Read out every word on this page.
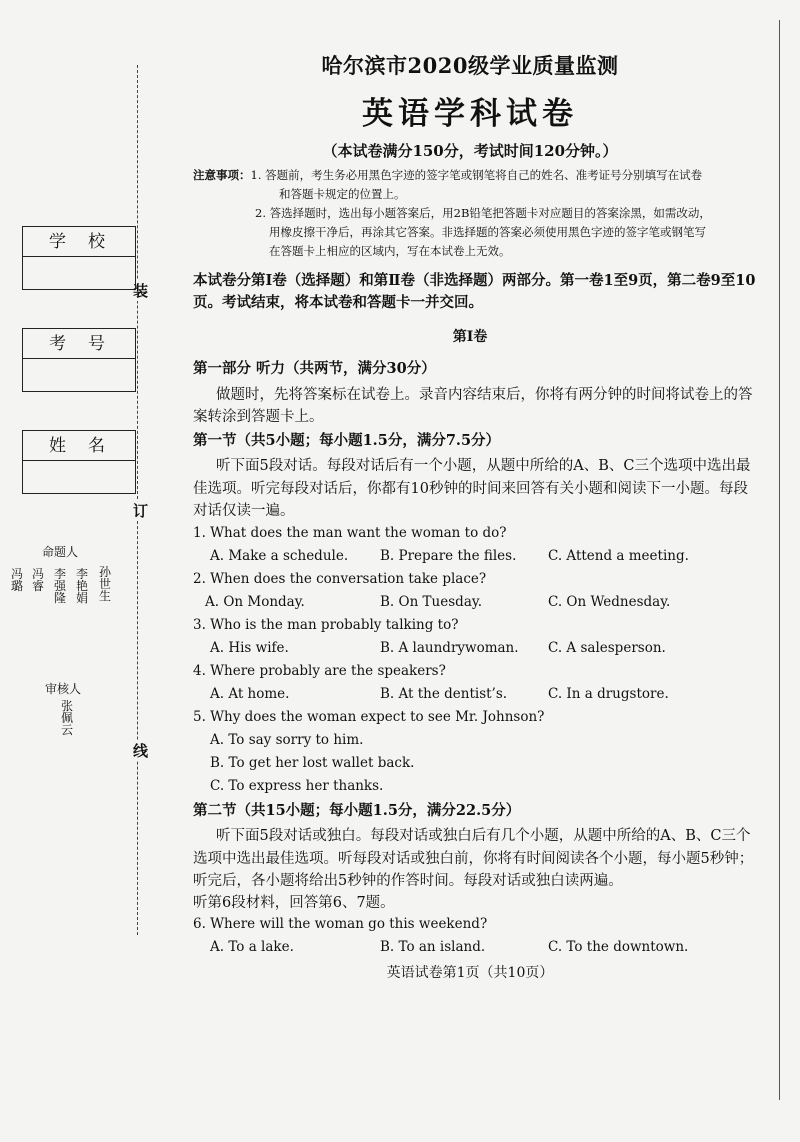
哈尔滨市2020级学业质量监测
英语学科试卷
（本试卷满分150分，考试时间120分钟。）
注意事项：1. 答题前，考生务必用黑色字迹的签字笔或钢笔将自己的姓名、准考证号分别填写在试卷
和答题卡规定的位置上。
2. 答选择题时，选出每小题答案后，用2B铅笔把答题卡对应题目的答案涂黑，如需改动，
用橡皮擦干净后，再涂其它答案。非选择题的答案必须使用黑色字迹的签字笔或钢笔写
在答题卡上相应的区域内，写在本试卷上无效。
本试卷分第Ⅰ卷（选择题）和第Ⅱ卷（非选择题）两部分。第一卷1至9页，第二卷9至10
页。考试结束，将本试卷和答题卡一并交回。
第Ⅰ卷
第一部分 听力（共两节，满分30分）
做题时，先将答案标在试卷上。录音内容结束后，你将有两分钟的时间将试卷上的答
案转涂到答题卡上。
第一节（共5小题；每小题1.5分，满分7.5分）
听下面5段对话。每段对话后有一个小题，从题中所给的A、B、C三个选项中选出最
佳选项。听完每段对话后，你都有10秒钟的时间来回答有关小题和阅读下一小题。每段
对话仅读一遍。
1. What does the man want the woman to do?
A. Make a schedule. B. Prepare the files. C. Attend a meeting.
2. When does the conversation take place?
A. On Monday.	B. On Tuesday.	C. On Wednesday.
3. Who is the man probably talking to?
A. His wife.	B. A laundrywoman. C. A salesperson.
4. Where probably are the speakers?
A. At home.	B. At the dentist’s.	C. In a drugstore.
5. Why does the woman expect to see Mr. Johnson?
A. To say sorry to him.
B. To get her lost wallet back.
C. To express her thanks.
第二节（共15小题；每小题1.5分，满分22.5分）
听下面5段对话或独白。每段对话或独白后有几个小题，从题中所给的A、B、C三个
选项中选出最佳选项。听每段对话或独白前，你将有时间阅读各个小题，每小题5秒钟；
听完后，各小题将给出5秒钟的作答时间。每段对话或独白读两遍。
听第6段材料，回答第6、7题。
6. Where will the woman go this weekend?
A. To a lake.	B. To an island.	C. To the downtown.
英语试卷第1页（共10页）
装
订
线
学校
考号
姓名
命题人
冯璐
冯睿
李强隆
李艳娟
孙世生
审核人
张佩云
